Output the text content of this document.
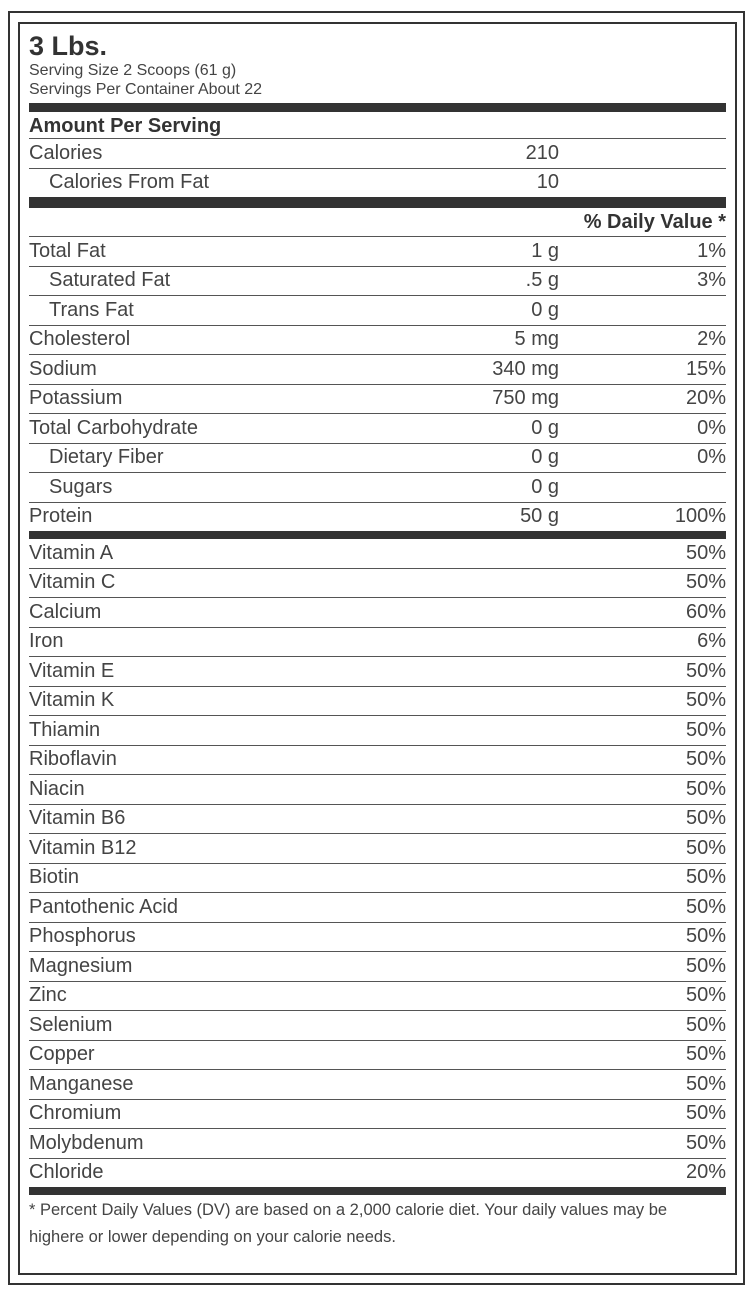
3 Lbs.
Serving Size 2 Scoops (61 g)
Servings Per Container About 22
Amount Per Serving
Calories	210
Calories From Fat	10
% Daily Value *
Total Fat	1 g	1%
Saturated Fat	.5 g	3%
Trans Fat	0 g
Cholesterol	5 mg	2%
Sodium	340 mg	15%
Potassium	750 mg	20%
Total Carbohydrate	0 g	0%
Dietary Fiber	0 g	0%
Sugars	0 g
Protein	50 g	100%
Vitamin A	50%
Vitamin C	50%
Calcium	60%
Iron	6%
Vitamin E	50%
Vitamin K	50%
Thiamin	50%
Riboflavin	50%
Niacin	50%
Vitamin B6	50%
Vitamin B12	50%
Biotin	50%
Pantothenic Acid	50%
Phosphorus	50%
Magnesium	50%
Zinc	50%
Selenium	50%
Copper	50%
Manganese	50%
Chromium	50%
Molybdenum	50%
Chloride	20%
* Percent Daily Values (DV) are based on a 2,000 calorie diet. Your daily values may be highere or lower depending on your calorie needs.
